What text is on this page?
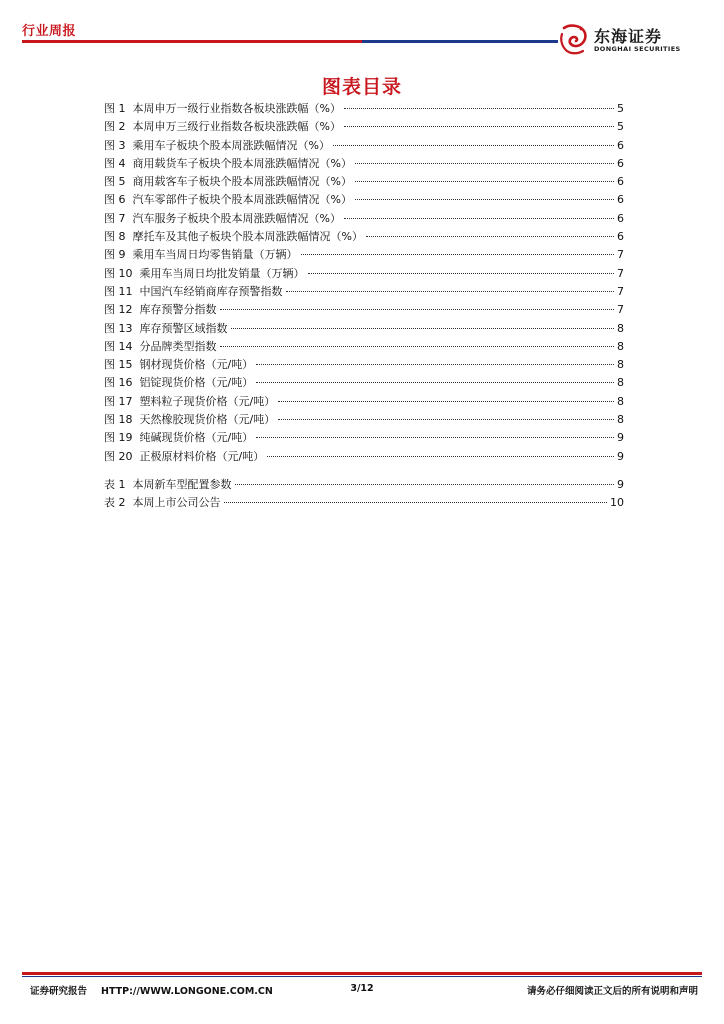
行业周报	东海证券
DONGHAI SECURITIES
图表目录
图 1 本周申万一级行业指数各板块涨跌幅（%）	5
图 2 本周申万三级行业指数各板块涨跌幅（%）	5
图 3 乘用车子板块个股本周涨跌幅情况（%）	6
图 4 商用载货车子板块个股本周涨跌幅情况（%）	6
图 5 商用载客车子板块个股本周涨跌幅情况（%）	6
图 6 汽车零部件子板块个股本周涨跌幅情况（%）	6
图 7 汽车服务子板块个股本周涨跌幅情况（%）	6
图 8 摩托车及其他子板块个股本周涨跌幅情况（%）	6
图 9 乘用车当周日均零售销量（万辆）	7
图 10 乘用车当周日均批发销量（万辆）	7
图 11 中国汽车经销商库存预警指数	7
图 12 库存预警分指数	7
图 13 库存预警区域指数	8
图 14 分品牌类型指数	8
图 15 钢材现货价格（元/吨）	8
图 16 铝锭现货价格（元/吨）	8
图 17 塑料粒子现货价格（元/吨）	8
图 18 天然橡胶现货价格（元/吨）	8
图 19 纯碱现货价格（元/吨）	9
图 20 正极原材料价格（元/吨）	9
表 1 本周新车型配置参数	9
表 2 本周上市公司公告	10
证券研究报告 HTTP://WWW.LONGONE.COM.CN	3/12	请务必仔细阅读正文后的所有说明和声明
